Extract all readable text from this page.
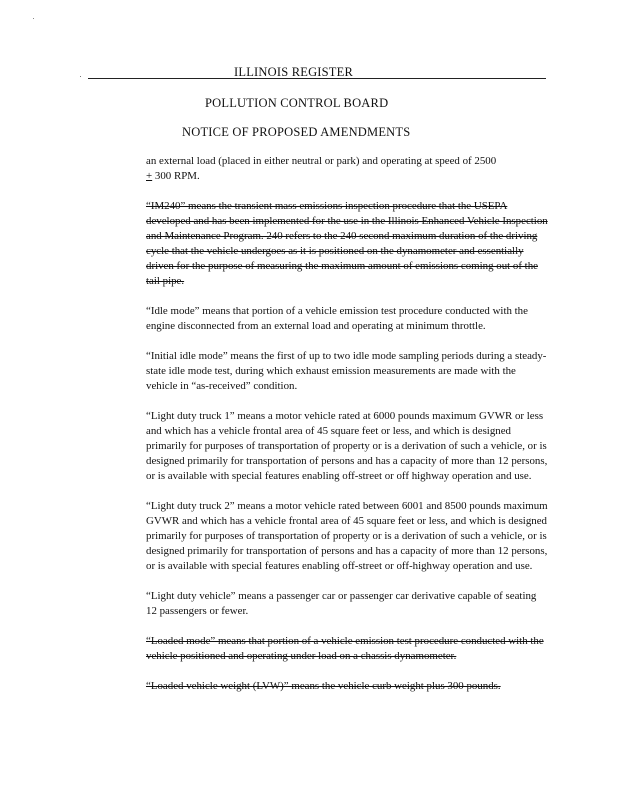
ILLINOIS REGISTER
POLLUTION CONTROL BOARD
NOTICE OF PROPOSED AMENDMENTS

an external load (placed in either neutral or park) and operating at speed of 2500
+ 300 RPM.

“IM240” means the transient mass emissions inspection procedure that the USEPA developed and has been implemented for the use in the Illinois Enhanced Vehicle Inspection and Maintenance Program. 240 refers to the 240 second maximum duration of the driving cycle that the vehicle undergoes as it is positioned on the dynamometer and essentially driven for the purpose of measuring the maximum amount of emissions coming out of the tail pipe.

“Idle mode” means that portion of a vehicle emission test procedure conducted with the engine disconnected from an external load and operating at minimum throttle.

“Initial idle mode” means the first of up to two idle mode sampling periods during a steady-state idle mode test, during which exhaust emission measurements are made with the vehicle in “as-received” condition.

“Light duty truck 1” means a motor vehicle rated at 6000 pounds maximum GVWR or less and which has a vehicle frontal area of 45 square feet or less, and which is designed primarily for purposes of transportation of property or is a derivation of such a vehicle, or is designed primarily for transportation of persons and has a capacity of more than 12 persons, or is available with special features enabling off-street or off highway operation and use.

“Light duty truck 2” means a motor vehicle rated between 6001 and 8500 pounds maximum GVWR and which has a vehicle frontal area of 45 square feet or less, and which is designed primarily for purposes of transportation of property or is a derivation of such a vehicle, or is designed primarily for transportation of persons and has a capacity of more than 12 persons, or is available with special features enabling off-street or off-highway operation and use.

“Light duty vehicle” means a passenger car or passenger car derivative capable of seating 12 passengers or fewer.

“Loaded mode” means that portion of a vehicle emission test procedure conducted with the vehicle positioned and operating under load on a chassis dynamometer.

“Loaded vehicle weight (LVW)” means the vehicle curb weight plus 300 pounds.
